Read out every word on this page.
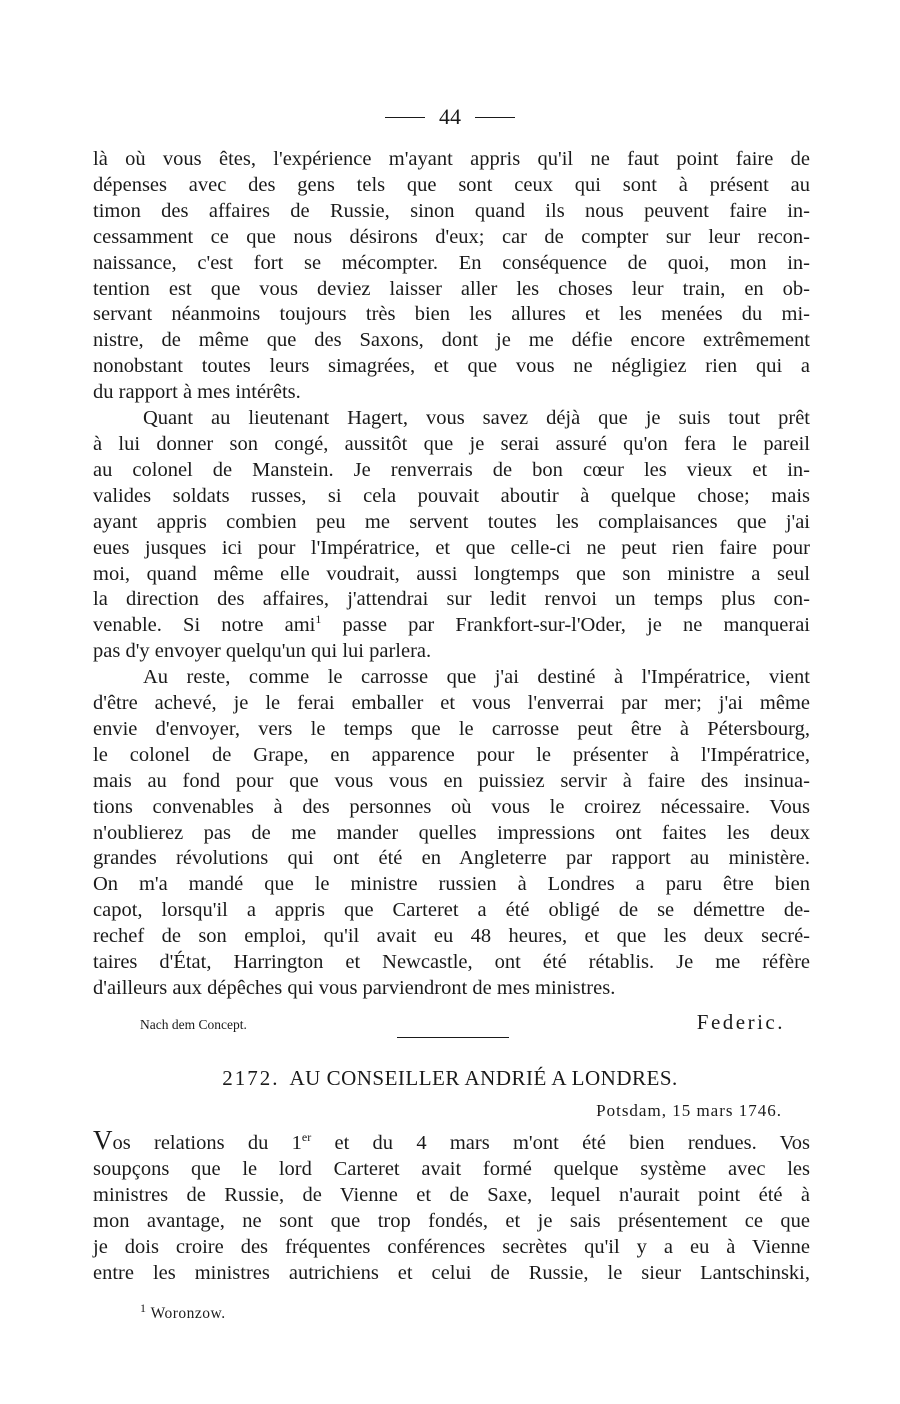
44

là où vous êtes, l'expérience m'ayant appris qu'il ne faut point faire de

dépenses avec des gens tels que sont ceux qui sont à présent au

timon des affaires de Russie, sinon quand ils nous peuvent faire in-

cessamment ce que nous désirons d'eux; car de compter sur leur recon-

naissance, c'est fort se mécompter. En conséquence de quoi, mon in-

tention est que vous deviez laisser aller les choses leur train, en ob-

servant néanmoins toujours très bien les allures et les menées du mi-

nistre, de même que des Saxons, dont je me défie encore extrêmement

nonobstant toutes leurs simagrées, et que vous ne négligiez rien qui a

du rapport à mes intérêts.

Quant au lieutenant Hagert, vous savez déjà que je suis tout prêt

à lui donner son congé, aussitôt que je serai assuré qu'on fera le pareil

au colonel de Manstein. Je renverrais de bon cœur les vieux et in-

valides soldats russes, si cela pouvait aboutir à quelque chose; mais

ayant appris combien peu me servent toutes les complaisances que j'ai

eues jusques ici pour l'Impératrice, et que celle-ci ne peut rien faire pour

moi, quand même elle voudrait, aussi longtemps que son ministre a seul

la direction des affaires, j'attendrai sur ledit renvoi un temps plus con-

venable. Si notre ami$^1$ passe par Frankfort-sur-l'Oder, je ne manquerai

pas d'y envoyer quelqu'un qui lui parlera.

Au reste, comme le carrosse que j'ai destiné à l'Impératrice, vient

d'être achevé, je le ferai emballer et vous l'enverrai par mer; j'ai même

envie d'envoyer, vers le temps que le carrosse peut être à Pétersbourg,

le colonel de Grape, en apparence pour le présenter à l'Impératrice,

mais au fond pour que vous vous en puissiez servir à faire des insinua-

tions convenables à des personnes où vous le croirez nécessaire. Vous

n'oublierez pas de me mander quelles impressions ont faites les deux

grandes révolutions qui ont été en Angleterre par rapport au ministère.

On m'a mandé que le ministre russien à Londres a paru être bien

capot, lorsqu'il a appris que Carteret a été obligé de se démettre de-

rechef de son emploi, qu'il avait eu 48 heures, et que les deux secré-

taires d'État, Harrington et Newcastle, ont été rétablis. Je me réfère

d'ailleurs aux dépêches qui vous parviendront de mes ministres.

Nach dem Concept.	Federic.
2172. AU CONSEILLER ANDRIÉ A LONDRES.
Potsdam, 15 mars 1746.

Vos relations du 1er et du 4 mars m'ont été bien rendues. Vos

soupçons que le lord Carteret avait formé quelque système avec les

ministres de Russie, de Vienne et de Saxe, lequel n'aurait point été à

mon avantage, ne sont que trop fondés, et je sais présentement ce que

je dois croire des fréquentes conférences secrètes qu'il y a eu à Vienne

entre les ministres autrichiens et celui de Russie, le sieur Lantschinski,

$^1$ Woronzow.
